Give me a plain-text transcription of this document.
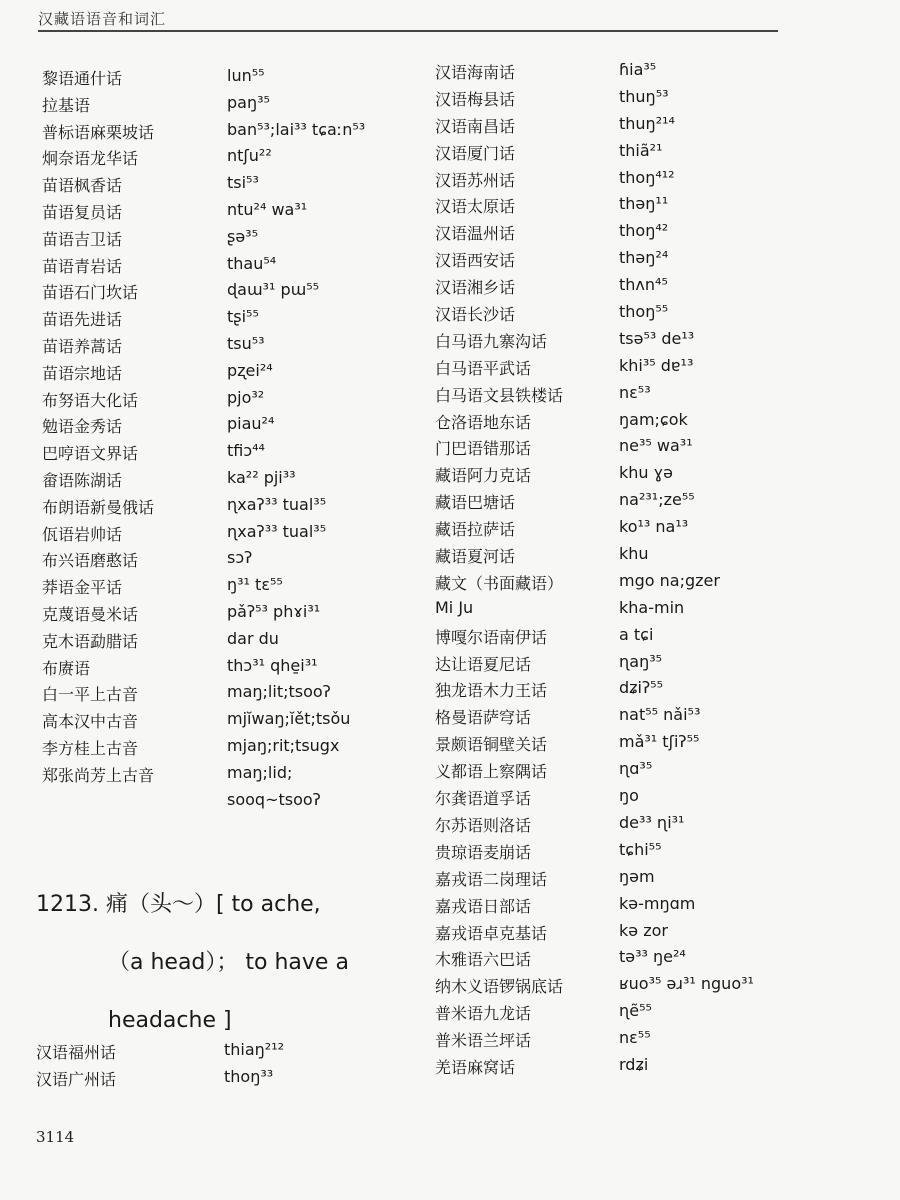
汉藏语语音和词汇
黎语通什话	lun⁵⁵
拉基语	paŋ³⁵
普标语麻栗坡话	ban⁵³;lai³³ tɕaːn⁵³
炯奈语龙华话	ntʃu²²
苗语枫香话	tsi⁵³
苗语复员话	ntu²⁴ wa³¹
苗语吉卫话	ʂə³⁵
苗语青岩话	thau⁵⁴
苗语石门坎话	ɖaɯ³¹ pɯ⁵⁵
苗语先进话	tʂi⁵⁵
苗语养蒿话	tsu⁵³
苗语宗地话	pʐei²⁴
布努语大化话	pjo³²
勉语金秀话	piau²⁴
巴哼语文界话	tfiɔ⁴⁴
畲语陈湖话	ka²² pji³³
布朗语新曼俄话	ɳxaʔ³³ tual³⁵
佤语岩帅话	ɳxaʔ³³ tual³⁵
布兴语磨憨话	sɔʔ
莽语金平话	ŋ³¹ tɛ⁵⁵
克蔑语曼米话	pǎʔ⁵³ phɤi³¹
克木语勐腊话	dar du
布赓语	thɔ³¹ qhe̱i³¹
白一平上古音	maŋ;lit;tsooʔ
高本汉中古音	mjĭwaŋ;ĭět;tsǒu
李方桂上古音	mjaŋ;rit;tsugx
郑张尚芳上古音	maŋ;lid;
sooq~tsooʔ
1213. 痛（头～）[ to ache,
（a head）； to have a
headache ]
汉语福州话	thiaŋ²¹²
汉语广州话	thoŋ³³
汉语海南话	ɦia³⁵
汉语梅县话	thuŋ⁵³
汉语南昌话	thuŋ²¹⁴
汉语厦门话	thiã²¹
汉语苏州话	thoŋ⁴¹²
汉语太原话	thəŋ¹¹
汉语温州话	thoŋ⁴²
汉语西安话	thəŋ²⁴
汉语湘乡话	thʌn⁴⁵
汉语长沙话	thoŋ⁵⁵
白马语九寨沟话	tsə⁵³ de¹³
白马语平武话	khi³⁵ dɐ¹³
白马语文县铁楼话	nɛ⁵³
仓洛语地东话	ŋam;ɕok
门巴语错那话	ne³⁵ wa³¹
藏语阿力克话	khu ɣə
藏语巴塘话	na²³¹;ze⁵⁵
藏语拉萨话	ko¹³ na¹³
藏语夏河话	khu
藏文（书面藏语）	mgo na;gzer
Mi Ju	kha-min
博嘎尔语南伊话	a tɕi
达让语夏尼话	ɳaŋ³⁵
独龙语木力王话	dʑiʔ⁵⁵
格曼语萨穹话	nat⁵⁵ nǎi⁵³
景颇语铜壁关话	mǎ³¹ tʃiʔ⁵⁵
义都语上察隅话	ɳɑ³⁵
尔龚语道孚话	ŋo
尔苏语则洛话	de³³ ɳi³¹
贵琼语麦崩话	tɕhi⁵⁵
嘉戎语二岗理话	ŋəm
嘉戎语日部话	kə-mŋɑm
嘉戎语卓克基话	kə zor
木雅语六巴话	tə³³ ŋe²⁴
纳木义语锣锅底话	ʁuo³⁵ əɹ³¹ nguo³¹
普米语九龙话	ɳẽ⁵⁵
普米语兰坪话	nɛ⁵⁵
羌语麻窝话	rdʑi
3114
